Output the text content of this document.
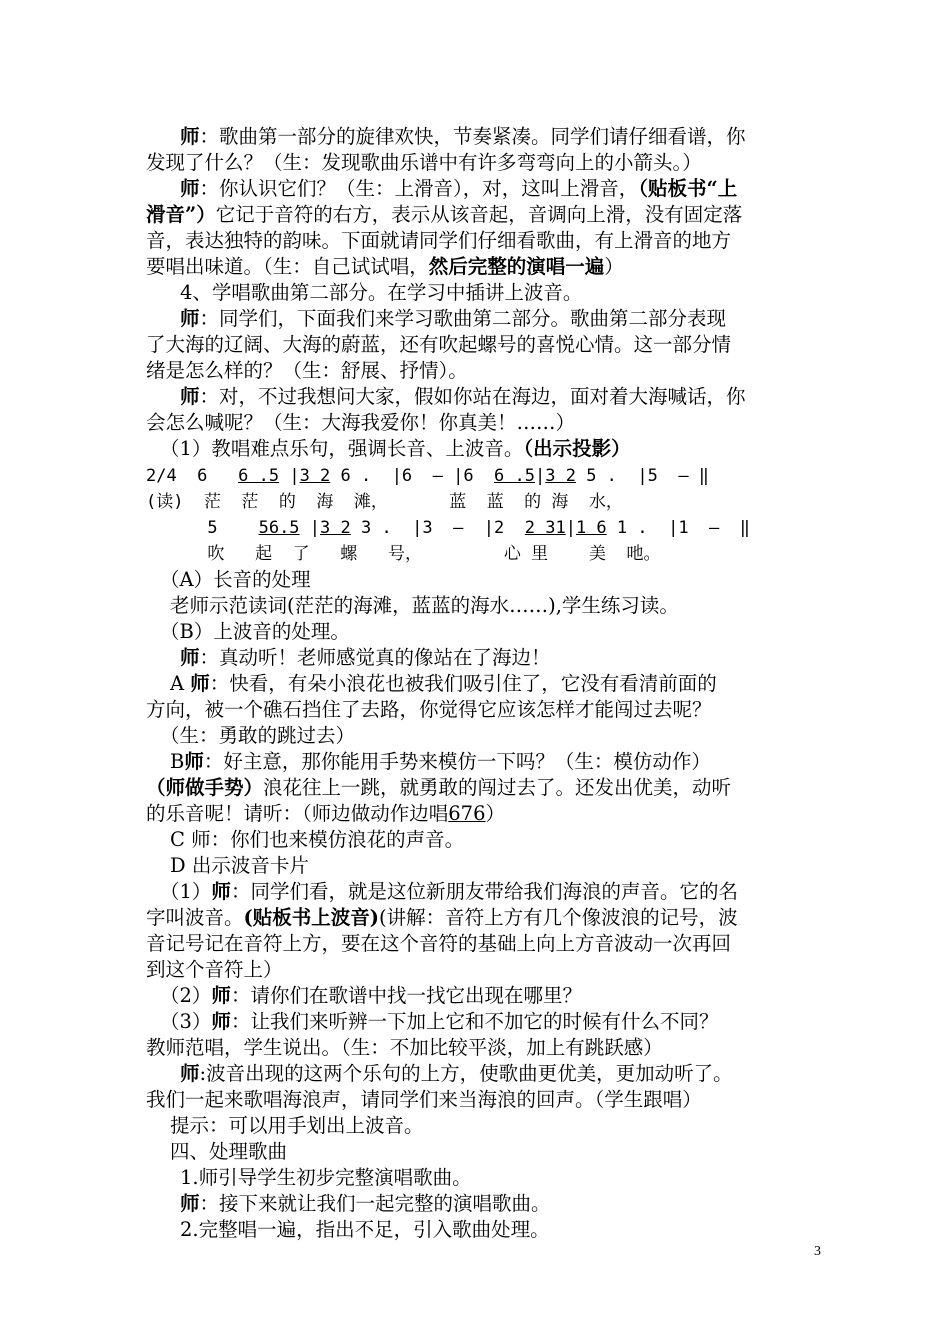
师：歌曲第一部分的旋律欢快，节奏紧凑。同学们请仔细看谱，你
发现了什么？（生：发现歌曲乐谱中有许多弯弯向上的小箭头。）
师：你认识它们？（生：上滑音），对，这叫上滑音，（贴板书“上
滑音”）它记于音符的右方，表示从该音起，音调向上滑，没有固定落
音，表达独特的韵味。下面就请同学们仔细看歌曲，有上滑音的地方
要唱出味道。（生：自己试试唱，然后完整的演唱一遍）
4、学唱歌曲第二部分。在学习中插讲上波音。
师：同学们，下面我们来学习歌曲第二部分。歌曲第二部分表现
了大海的辽阔、大海的蔚蓝，还有吹起螺号的喜悦心情。这一部分情
绪是怎么样的？（生：舒展、抒情）。
师：对，不过我想问大家，假如你站在海边，面对着大海喊话，你
会怎么喊呢？（生：大海我爱你！你真美！……）
（1）教唱难点乐句，强调长音、上波音。（出示投影）
2/4  6   6 .5 |3 2 6 .  |6  — |6  6 .5|3 2 5 .  |5  — ‖
(读)  茫  茫  的  海  滩，      蓝  蓝  的 海  水，
5    56.5 |3 2 3 .  |3  —  |2  2 31|1 6 1 .  |1  —  ‖
吹   起  了   螺   号，        心 里    美  吔。
（A）长音的处理
老师示范读词(茫茫的海滩，蓝蓝的海水……),学生练习读。
（B）上波音的处理。
师：真动听！老师感觉真的像站在了海边！
A 师：快看，有朵小浪花也被我们吸引住了，它没有看清前面的
方向，被一个礁石挡住了去路，你觉得它应该怎样才能闯过去呢？
（生：勇敢的跳过去）
B师：好主意，那你能用手势来模仿一下吗？（生：模仿动作）
（师做手势）浪花往上一跳，就勇敢的闯过去了。还发出优美，动听
的乐音呢！请听：（师边做动作边唱676）
C 师：你们也来模仿浪花的声音。
D 出示波音卡片
（1）师：同学们看，就是这位新朋友带给我们海浪的声音。它的名
字叫波音。(贴板书上波音)(讲解：音符上方有几个像波浪的记号，波
音记号记在音符上方，要在这个音符的基础上向上方音波动一次再回
到这个音符上）
（2）师：请你们在歌谱中找一找它出现在哪里？
（3）师：让我们来听辨一下加上它和不加它的时候有什么不同？
教师范唱，学生说出。（生：不加比较平淡，加上有跳跃感）
师:波音出现的这两个乐句的上方，使歌曲更优美，更加动听了。
我们一起来歌唱海浪声，请同学们来当海浪的回声。（学生跟唱）
提示：可以用手划出上波音。
四、处理歌曲
1.师引导学生初步完整演唱歌曲。
师：接下来就让我们一起完整的演唱歌曲。
2.完整唱一遍，指出不足，引入歌曲处理。
3
